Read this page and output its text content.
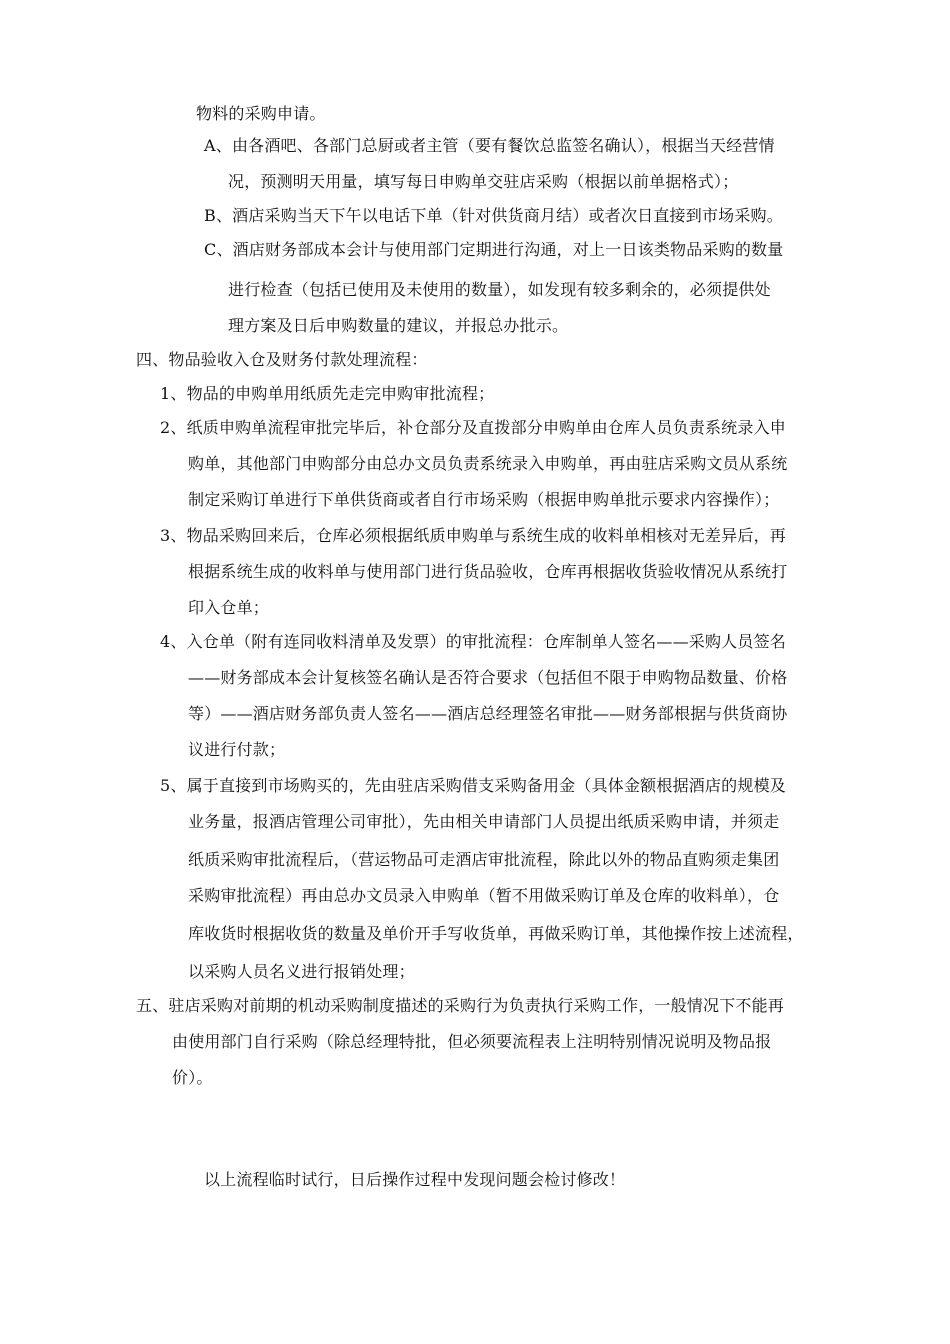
物料的采购申请。
A、由各酒吧、各部门总厨或者主管（要有餐饮总监签名确认），根据当天经营情
况，预测明天用量，填写每日申购单交驻店采购（根据以前单据格式）；
B、酒店采购当天下午以电话下单（针对供货商月结）或者次日直接到市场采购。
C、酒店财务部成本会计与使用部门定期进行沟通，对上一日该类物品采购的数量
进行检查（包括已使用及未使用的数量），如发现有较多剩余的，必须提供处
理方案及日后申购数量的建议，并报总办批示。
四、物品验收入仓及财务付款处理流程：
1、物品的申购单用纸质先走完申购审批流程；
2、纸质申购单流程审批完毕后，补仓部分及直拨部分申购单由仓库人员负责系统录入申
购单，其他部门申购部分由总办文员负责系统录入申购单，再由驻店采购文员从系统
制定采购订单进行下单供货商或者自行市场采购（根据申购单批示要求内容操作）；
3、物品采购回来后，仓库必须根据纸质申购单与系统生成的收料单相核对无差异后，再
根据系统生成的收料单与使用部门进行货品验收，仓库再根据收货验收情况从系统打
印入仓单；
4、入仓单（附有连同收料清单及发票）的审批流程：仓库制单人签名——采购人员签名
——财务部成本会计复核签名确认是否符合要求（包括但不限于申购物品数量、价格
等）——酒店财务部负责人签名——酒店总经理签名审批——财务部根据与供货商协
议进行付款；
5、属于直接到市场购买的，先由驻店采购借支采购备用金（具体金额根据酒店的规模及
业务量，报酒店管理公司审批），先由相关申请部门人员提出纸质采购申请，并须走
纸质采购审批流程后，（营运物品可走酒店审批流程，除此以外的物品直购须走集团
采购审批流程）再由总办文员录入申购单（暂不用做采购订单及仓库的收料单），仓
库收货时根据收货的数量及单价开手写收货单，再做采购订单，其他操作按上述流程，
以采购人员名义进行报销处理；
五、驻店采购对前期的机动采购制度描述的采购行为负责执行采购工作，一般情况下不能再
由使用部门自行采购（除总经理特批，但必须要流程表上注明特别情况说明及物品报
价）。
以上流程临时试行，日后操作过程中发现问题会检讨修改！
